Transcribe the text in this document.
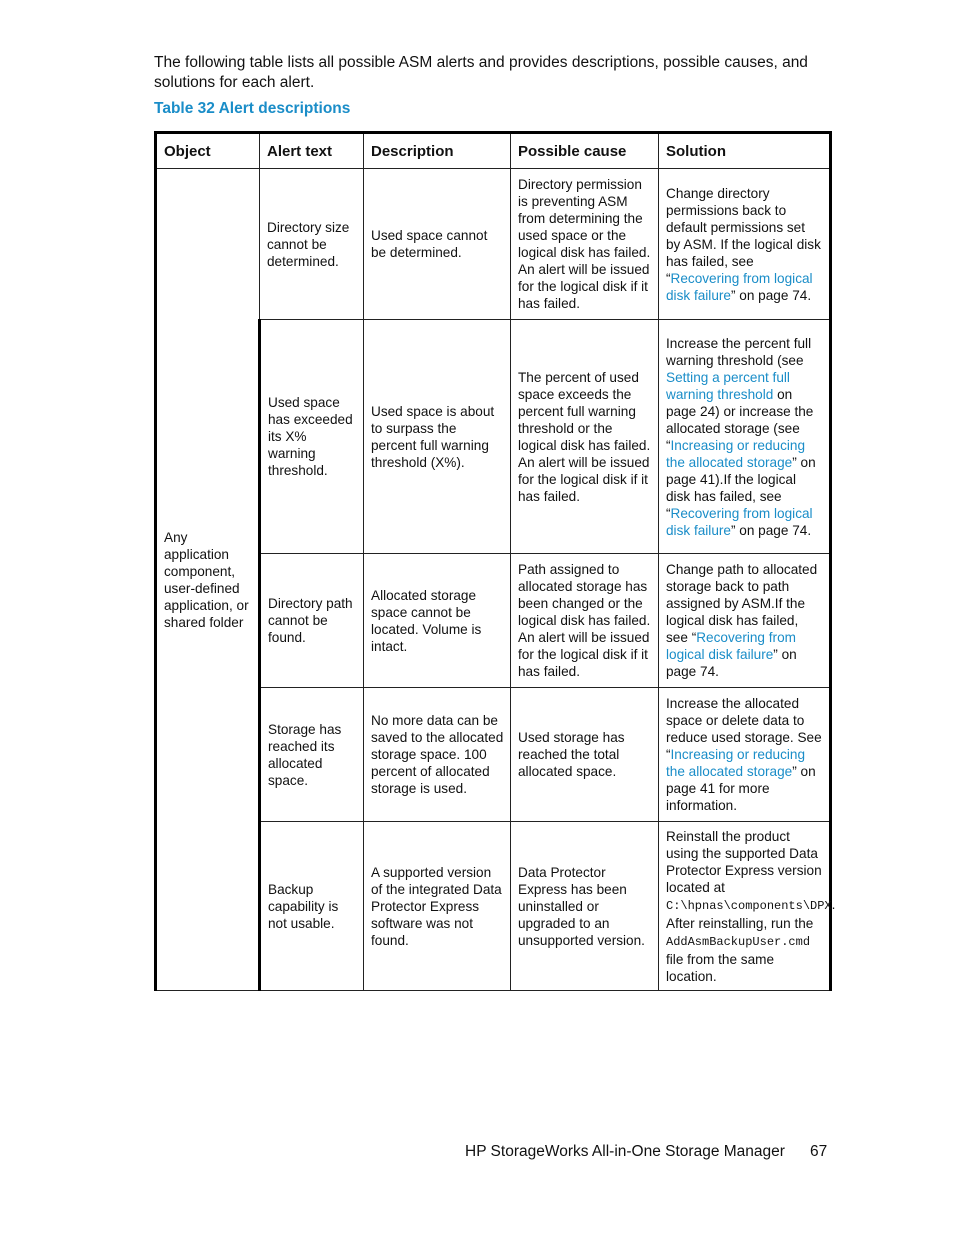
The following table lists all possible ASM alerts and provides descriptions, possible causes, and solutions for each alert.
Table 32 Alert descriptions
Object	Alert text	Description	Possible cause	Solution
Any application component, user-defined application, or shared folder	Directory size cannot be determined.	Used space cannot be determined.	Directory permission is preventing ASM from determining the used space or the logical disk has failed. An alert will be issued for the logical disk if it has failed.	Change directory permissions back to default permissions set by ASM. If the logical disk has failed, see “Recovering from logical disk failure” on page 74.
	Used space has exceeded its X% warning threshold.	Used space is about to surpass the percent full warning threshold (X%).	The percent of used space exceeds the percent full warning threshold or the logical disk has failed. An alert will be issued for the logical disk if it has failed.	Increase the percent full warning threshold (see Setting a percent full warning threshold on page 24) or increase the allocated storage (see “Increasing or reducing the allocated storage” on page 41).If the logical disk has failed, see “Recovering from logical disk failure” on page 74.
	Directory path cannot be found.	Allocated storage space cannot be located. Volume is intact.	Path assigned to allocated storage has been changed or the logical disk has failed. An alert will be issued for the logical disk if it has failed.	Change path to allocated storage back to path assigned by ASM.If the logical disk has failed, see “Recovering from logical disk failure” on page 74.
	Storage has reached its allocated space.	No more data can be saved to the allocated storage space. 100 percent of allocated storage is used.	Used storage has reached the total allocated space.	Increase the allocated space or delete data to reduce used storage. See “Increasing or reducing the allocated storage” on page 41 for more information.
	Backup capability is not usable.	A supported version of the integrated Data Protector Express software was not found.	Data Protector Express has been uninstalled or upgraded to an unsupported version.	Reinstall the product using the supported Data Protector Express version located at C:\hpnas\components\DPX. After reinstalling, run the AddAsmBackupUser.cmd file from the same location.
HP StorageWorks All-in-One Storage Manager 67
